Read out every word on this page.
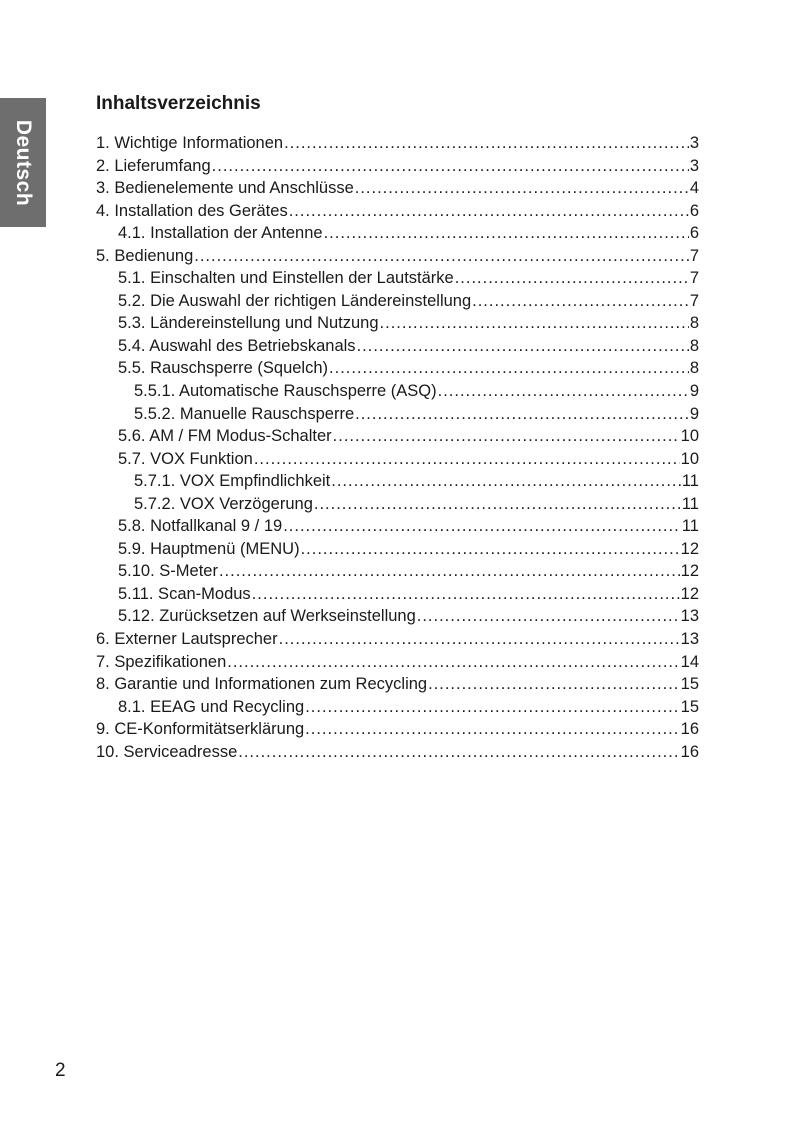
Deutsch
Inhaltsverzeichnis
1. Wichtige Informationen .....	3
2. Lieferumfang .....	3
3. Bedienelemente und Anschlüsse .....	4
4. Installation des Gerätes .....	6
4.1. Installation der Antenne .....	6
5. Bedienung .....	7
5.1. Einschalten und Einstellen der Lautstärke .....	7
5.2. Die Auswahl der richtigen Ländereinstellung .....	7
5.3. Ländereinstellung und Nutzung .....	8
5.4. Auswahl des Betriebskanals .....	8
5.5. Rauschsperre (Squelch) .....	8
5.5.1. Automatische Rauschsperre (ASQ) .....	9
5.5.2. Manuelle Rauschsperre .....	9
5.6. AM / FM Modus-Schalter .....	10
5.7. VOX Funktion .....	10
5.7.1. VOX Empfindlichkeit .....	11
5.7.2. VOX Verzögerung .....	11
5.8. Notfallkanal 9 / 19 .....	11
5.9. Hauptmenü (MENU) .....	12
5.10. S-Meter .....	12
5.11. Scan-Modus .....	12
5.12. Zurücksetzen auf Werkseinstellung .....	13
6. Externer Lautsprecher .....	13
7. Spezifikationen .....	14
8. Garantie und Informationen zum Recycling .....	15
8.1. EEAG und Recycling .....	15
9. CE-Konformitätserklärung .....	16
10. Serviceadresse .....	16
2
